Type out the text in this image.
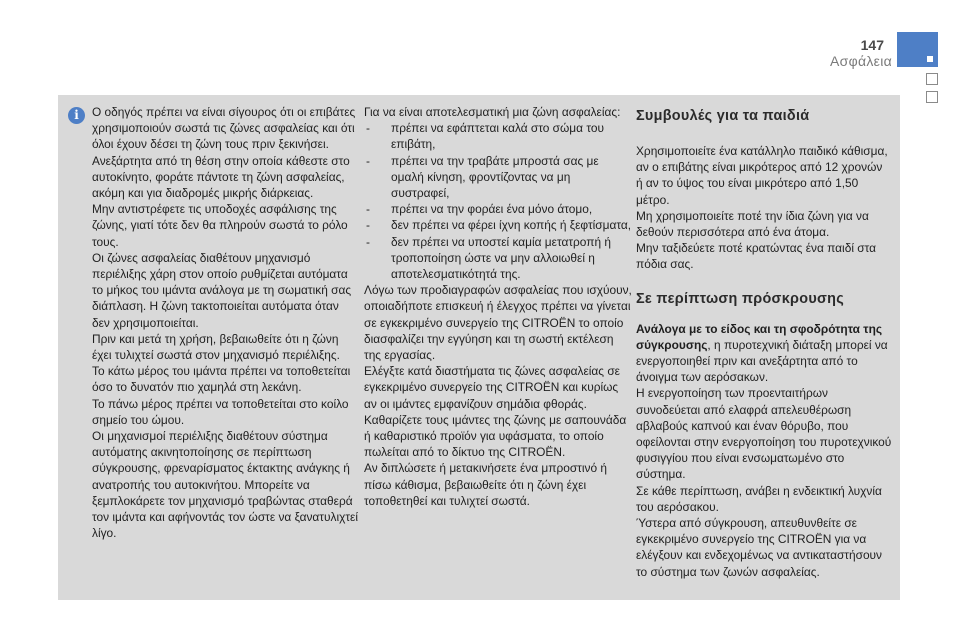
147
Ασφάλεια
i	Ο οδηγός πρέπει να είναι σίγουρος ότι οι επιβάτες χρησιμοποιούν σωστά τις ζώνες ασφαλείας και ότι όλοι έχουν δέσει τη ζώνη τους πριν ξεκινήσει.

Ανεξάρτητα από τη θέση στην οποία κάθεστε στο αυτοκίνητο, φοράτε πάντοτε τη ζώνη ασφαλείας, ακόμη και για διαδρομές μικρής διάρκειας.

Μην αντιστρέφετε τις υποδοχές ασφάλισης της ζώνης, γιατί τότε δεν θα πληρούν σωστά το ρόλο τους.

Οι ζώνες ασφαλείας διαθέτουν μηχανισμό περιέλιξης χάρη στον οποίο ρυθμίζεται αυτόματα το μήκος του ιμάντα ανάλογα με τη σωματική σας διάπλαση. Η ζώνη τακτοποιείται αυτόματα όταν δεν χρησιμοποιείται.

Πριν και μετά τη χρήση, βεβαιωθείτε ότι η ζώνη έχει τυλιχτεί σωστά στον μηχανισμό περιέλιξης.

Το κάτω μέρος του ιμάντα πρέπει να τοποθετείται όσο το δυνατόν πιο χαμηλά στη λεκάνη.

Το πάνω μέρος πρέπει να τοποθετείται στο κοίλο σημείο του ώμου.

Οι μηχανισμοί περιέλιξης διαθέτουν σύστημα αυτόματης ακινητοποίησης σε περίπτωση σύγκρουσης, φρεναρίσματος έκτακτης ανάγκης ή ανατροπής του αυτοκινήτου. Μπορείτε να ξεμπλοκάρετε τον μηχανισμό τραβώντας σταθερά τον ιμάντα και αφήνοντάς τον ώστε να ξανατυλιχτεί λίγο.

Για να είναι αποτελεσματική μια ζώνη ασφαλείας:

- πρέπει να εφάπτεται καλά στο σώμα του επιβάτη,
- πρέπει να την τραβάτε μπροστά σας με ομαλή κίνηση, φροντίζοντας να μη συστραφεί,
- πρέπει να την φοράει ένα μόνο άτομο,
- δεν πρέπει να φέρει ίχνη κοπής ή ξεφτίσματα,
- δεν πρέπει να υποστεί καμία μετατροπή ή τροποποίηση ώστε να μην αλλοιωθεί η αποτελεσματικότητά της.

Λόγω των προδιαγραφών ασφαλείας που ισχύουν, οποιαδήποτε επισκευή ή έλεγχος πρέπει να γίνεται σε εγκεκριμένο συνεργείο της CITROËN το οποίο διασφαλίζει την εγγύηση και τη σωστή εκτέλεση της εργασίας.

Ελέγξτε κατά διαστήματα τις ζώνες ασφαλείας σε εγκεκριμένο συνεργείο της CITROËN και κυρίως αν οι ιμάντες εμφανίζουν σημάδια φθοράς.

Καθαρίζετε τους ιμάντες της ζώνης με σαπουνάδα ή καθαριστικό προϊόν για υφάσματα, το οποίο πωλείται από το δίκτυο της CITROËN.

Αν διπλώσετε ή μετακινήσετε ένα μπροστινό ή πίσω κάθισμα, βεβαιωθείτε ότι η ζώνη έχει τοποθετηθεί και τυλιχτεί σωστά.

Συμβουλές για τα παιδιά

Χρησιμοποιείτε ένα κατάλληλο παιδικό κάθισμα, αν ο επιβάτης είναι μικρότερος από 12 χρονών ή αν το ύψος του είναι μικρότερο από 1,50 μέτρο.

Μη χρησιμοποιείτε ποτέ την ίδια ζώνη για να δεθούν περισσότερα από ένα άτομα.

Μην ταξιδεύετε ποτέ κρατώντας ένα παιδί στα πόδια σας.

Σε περίπτωση πρόσκρουσης

Ανάλογα με το είδος και τη σφοδρότητα της σύγκρουσης, η πυροτεχνική διάταξη μπορεί να ενεργοποιηθεί πριν και ανεξάρτητα από το άνοιγμα των αερόσακων.

Η ενεργοποίηση των προενταιτήρων συνοδεύεται από ελαφρά απελευθέρωση αβλαβούς καπνού και έναν θόρυβο, που οφείλονται στην ενεργοποίηση του πυροτεχνικού φυσιγγίου που είναι ενσωματωμένο στο σύστημα.

Σε κάθε περίπτωση, ανάβει η ενδεικτική λυχνία του αερόσακου.

Ύστερα από σύγκρουση, απευθυνθείτε σε εγκεκριμένο συνεργείο της CITROËN για να ελέγξουν και ενδεχομένως να αντικαταστήσουν το σύστημα των ζωνών ασφαλείας.
